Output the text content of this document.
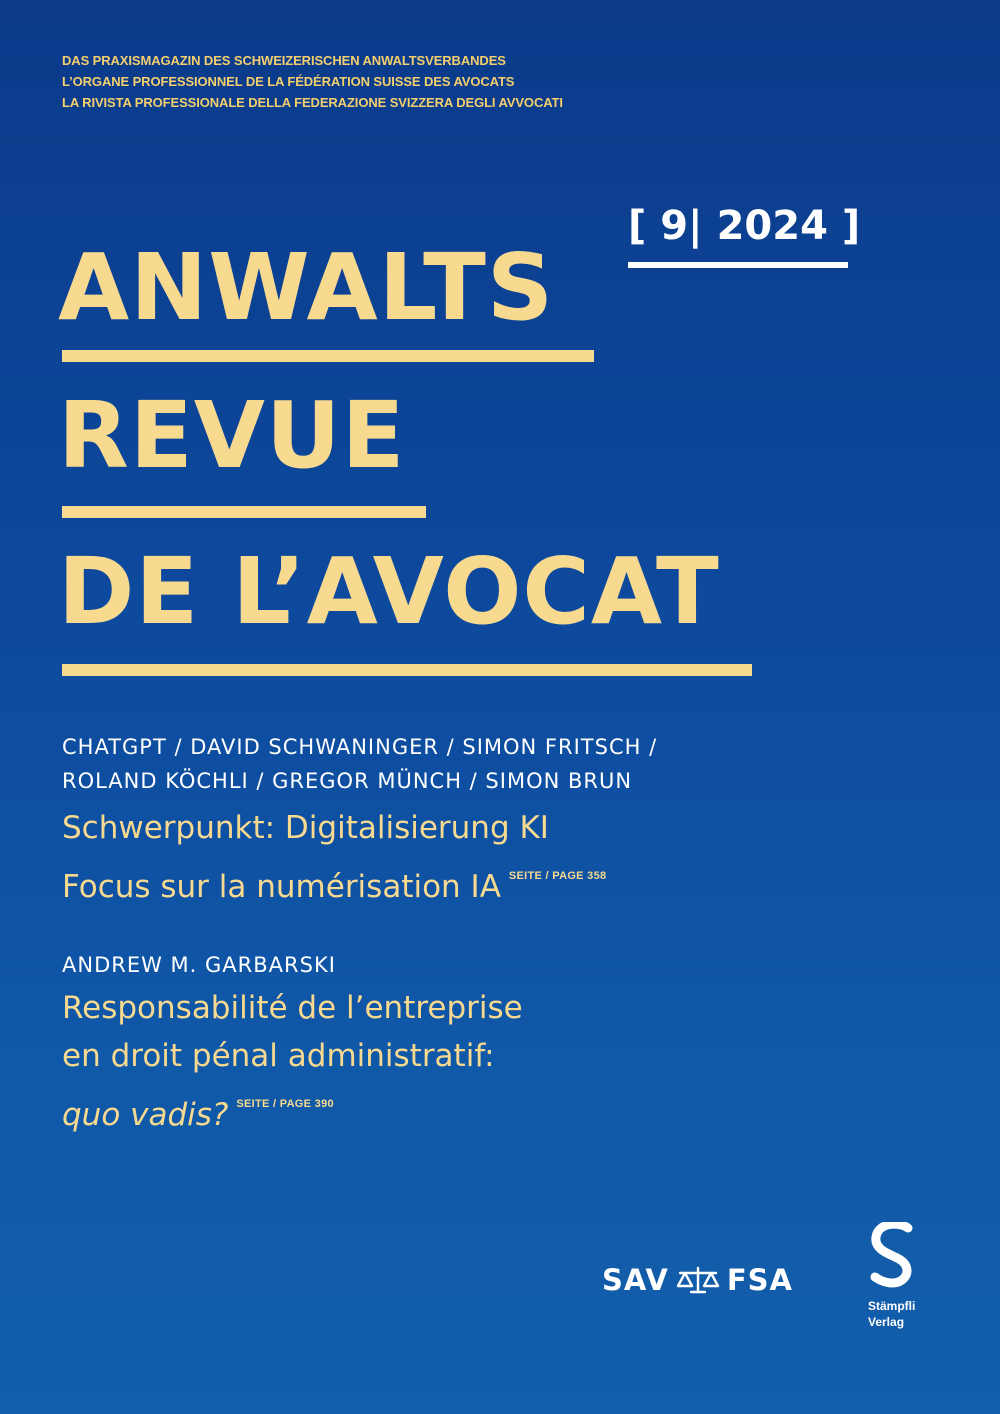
DAS PRAXISMAGAZIN DES SCHWEIZERISCHEN ANWALTSVERBANDES
L’ORGANE PROFESSIONNEL DE LA FÉDÉRATION SUISSE DES AVOCATS
LA RIVISTA PROFESSIONALE DELLA FEDERAZIONE SVIZZERA DEGLI AVVOCATI
[ 9| 2024 ]
ANWALTS
REVUE
DE L’AVOCAT
CHATGPT / DAVID SCHWANINGER / SIMON FRITSCH /
ROLAND KÖCHLI / GREGOR MÜNCH / SIMON BRUN
Schwerpunkt: Digitalisierung KI
Focus sur la numérisation IA $^{SEITE / PAGE 358}$
ANDREW M. GARBARSKI
Responsabilité de l’entreprise
en droit pénal administratif:
quo vadis? $^{SEITE / PAGE 390}$
SAV FSA
Stämpfli
Verlag
